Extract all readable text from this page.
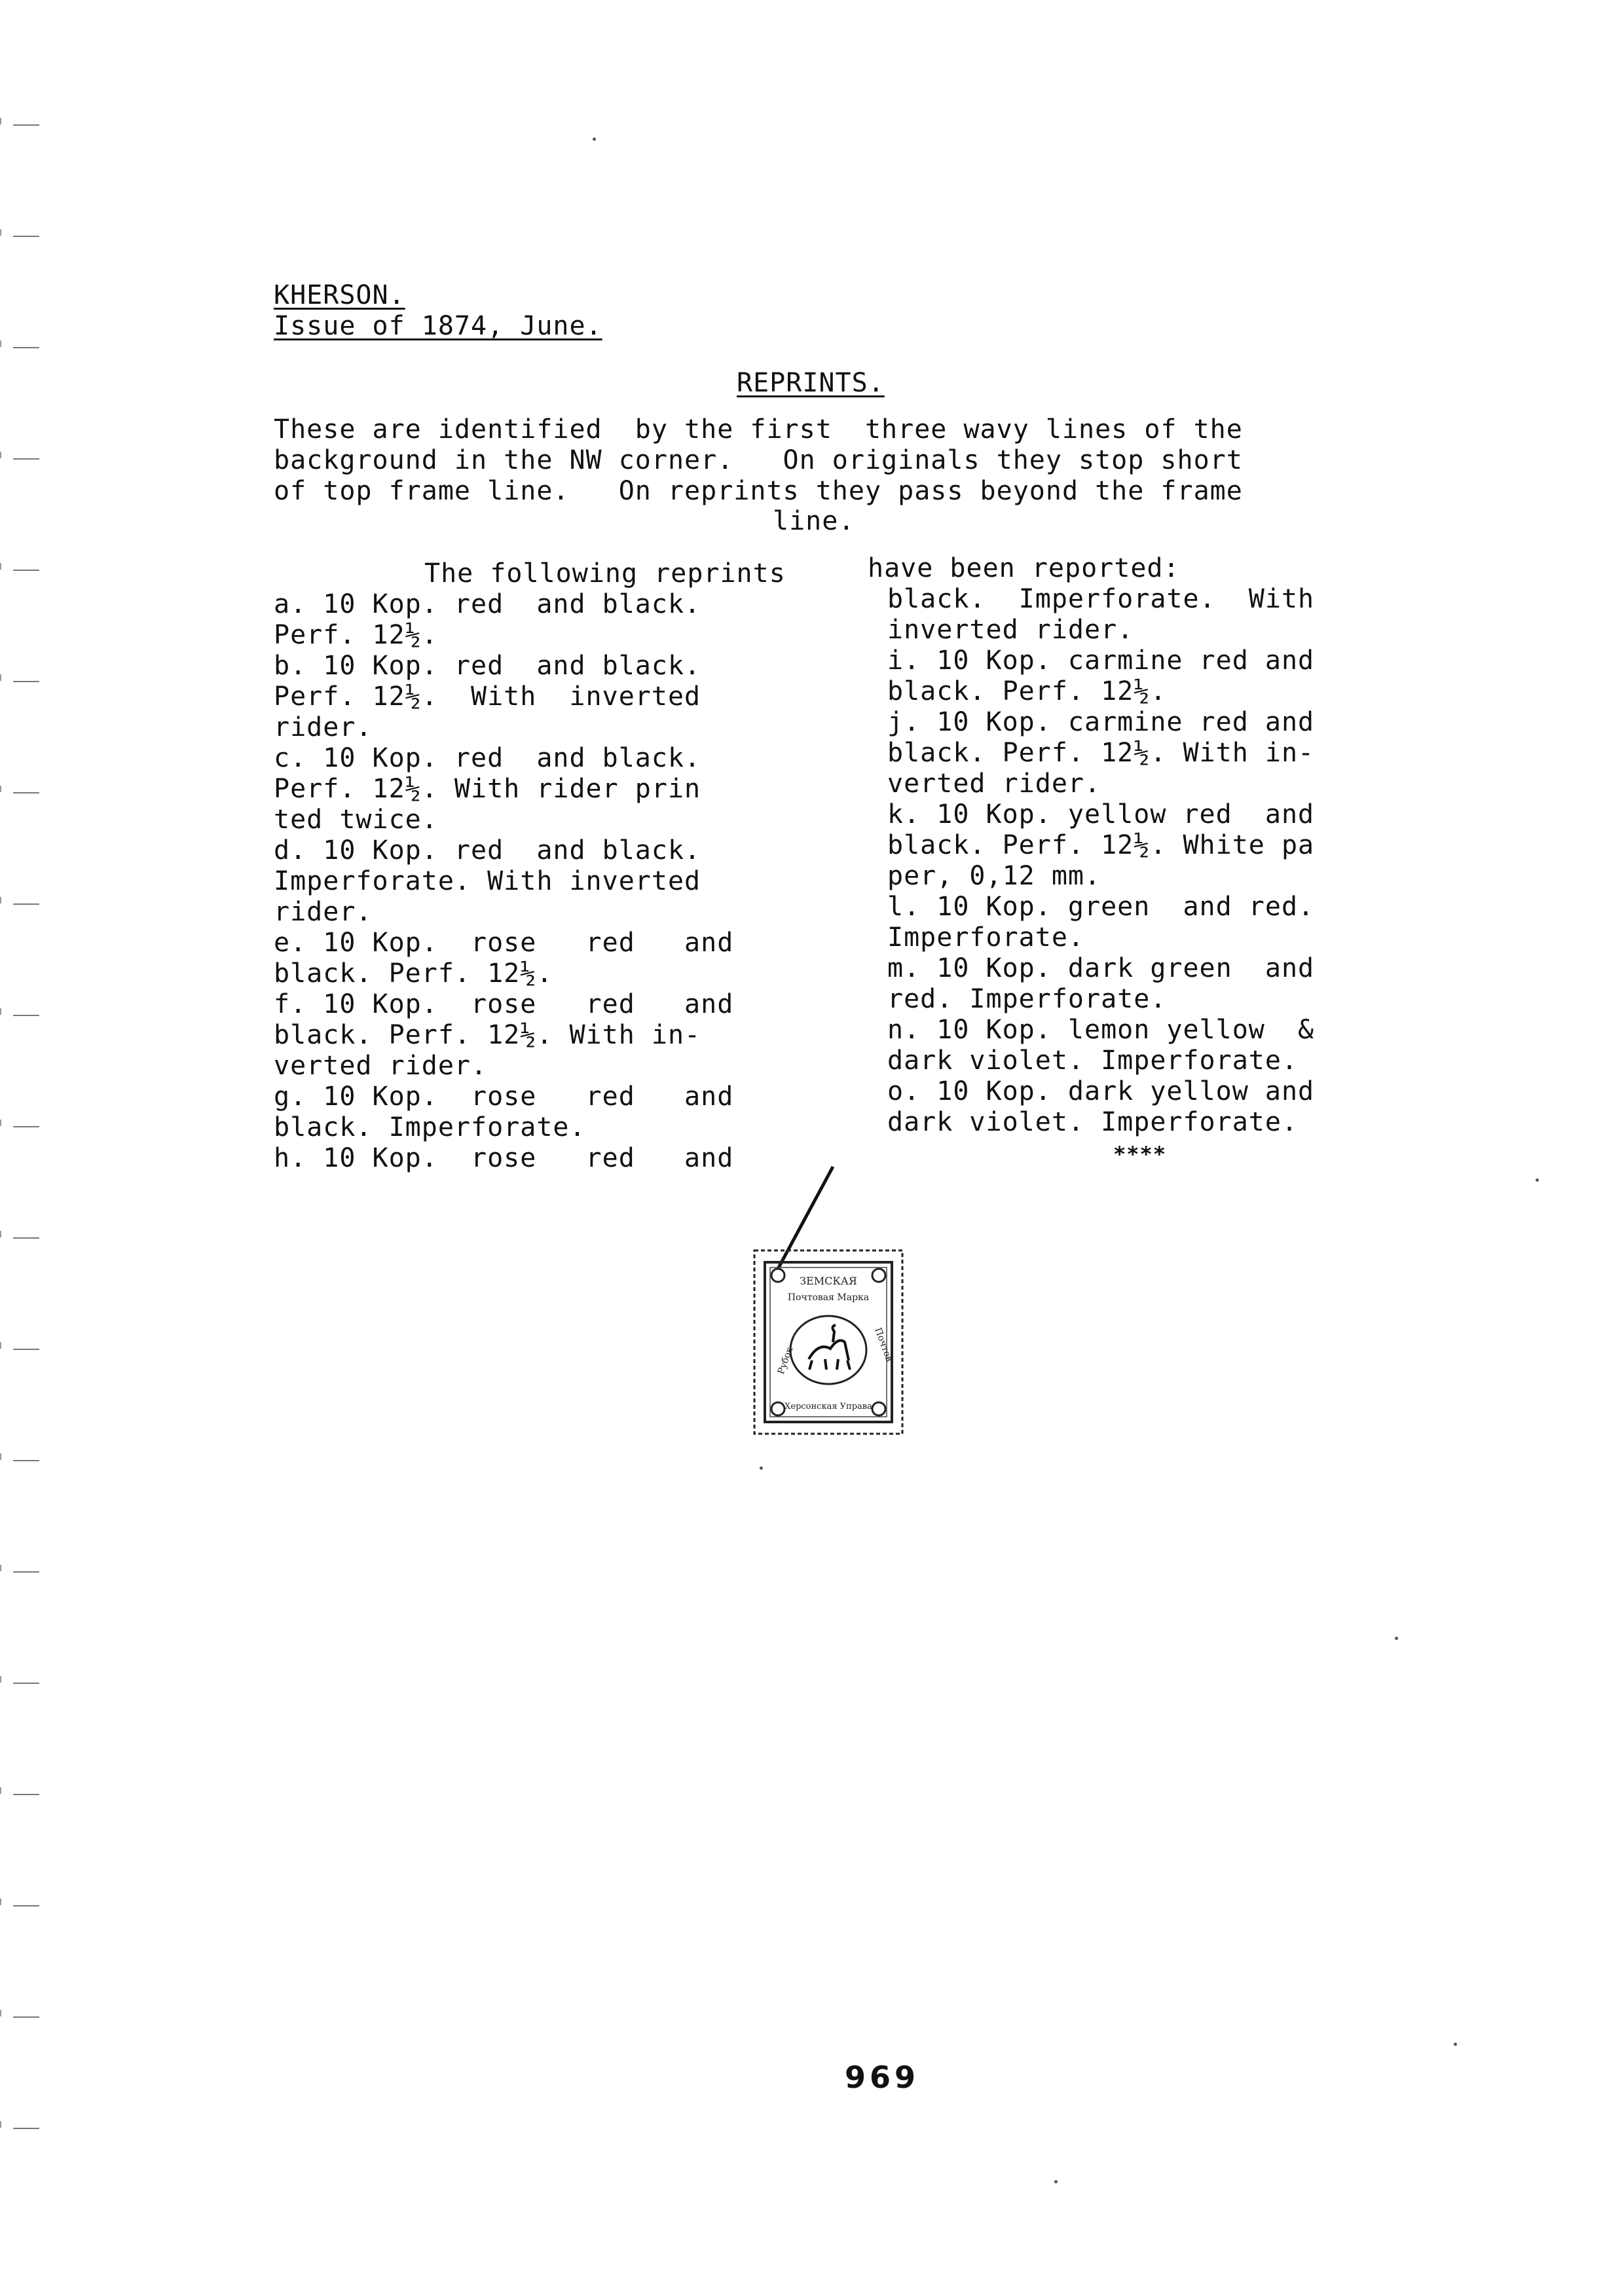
KHERSON.
Issue of 1874, June.
REPRINTS.
These are identified  by the first  three wavy lines of the
background in the NW corner.   On originals they stop short
of top frame line.   On reprints they pass beyond the frame
line.
The following reprints	have been reported:
a. 10 Kop. red  and black.
Perf. 12½.
b. 10 Kop. red  and black.
Perf. 12½.  With  inverted
rider.
c. 10 Kop. red  and black.
Perf. 12½. With rider prin
ted twice.
d. 10 Kop. red  and black.
Imperforate. With inverted
rider.
e. 10 Kop.  rose   red   and
black. Perf. 12½.
f. 10 Kop.  rose   red   and
black. Perf. 12½. With in-
verted rider.
g. 10 Kop.  rose   red   and
black. Imperforate.
h. 10 Kop.  rose   red   and
black.  Imperforate.  With
inverted rider.
i. 10 Kop. carmine red and
black. Perf. 12½.
j. 10 Kop. carmine red and
black. Perf. 12½. With in-
verted rider.
k. 10 Kop. yellow red  and
black. Perf. 12½. White pa
per, 0,12 mm.
l. 10 Kop. green  and red.
Imperforate.
m. 10 Kop. dark green  and
red. Imperforate.
n. 10 Kop. lemon yellow  &
dark violet. Imperforate.
o. 10 Kop. dark yellow and
dark violet. Imperforate.
****
ЗЕМСКАЯ
Почтовая Марка
Рубок	Почтов
Херсонская Управа
969
